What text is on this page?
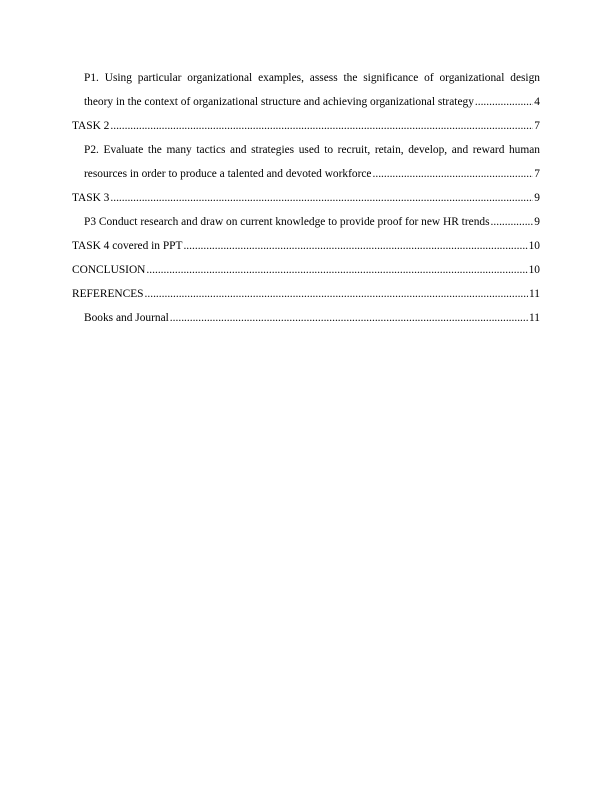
P1. Using particular organizational examples, assess the significance of organizational design
theory in the context of organizational structure and achieving organizational strategy .....	4
TASK 2 .....	7
P2. Evaluate the many tactics and strategies used to recruit, retain, develop, and reward human
resources in order to produce a talented and devoted workforce .....	7
TASK 3 .....	9
P3 Conduct research and draw on current knowledge to provide proof for new HR trends .....	9
TASK 4 covered in PPT .....	10
CONCLUSION .....	10
REFERENCES .....	11
Books and Journal .....	11
